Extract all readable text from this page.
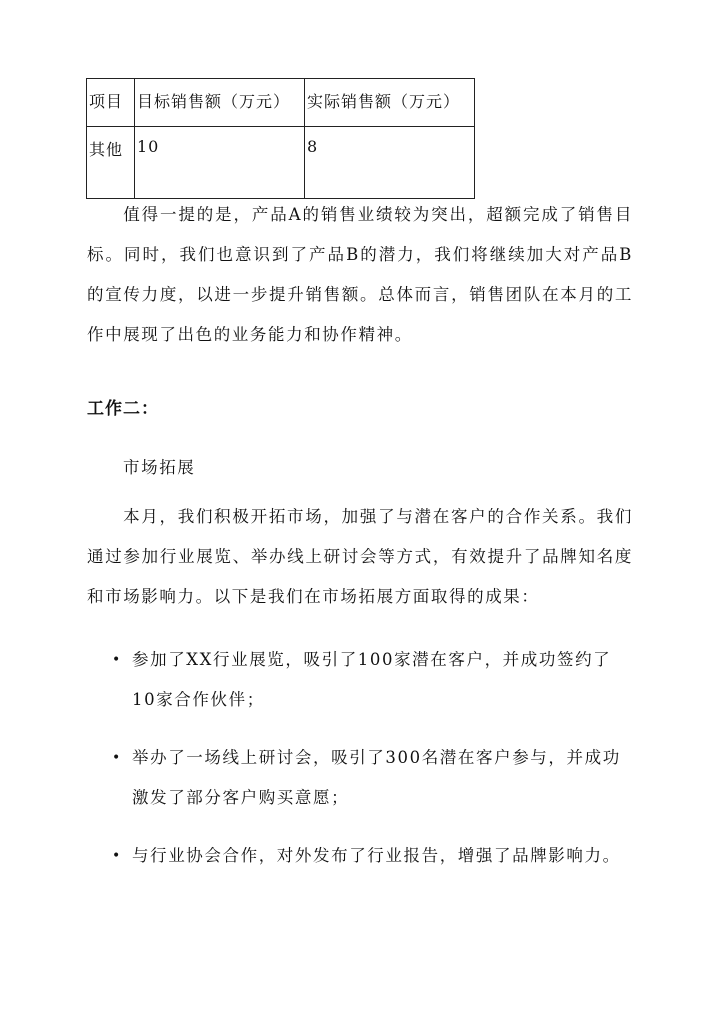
项目	目标销售额（万元）	实际销售额（万元）
其他	10	8

值得一提的是，产品A的销售业绩较为突出，超额完成了销售目标。同时，我们也意识到了产品B的潜力，我们将继续加大对产品B的宣传力度，以进一步提升销售额。总体而言，销售团队在本月的工作中展现了出色的业务能力和协作精神。

工作二：

市场拓展

本月，我们积极开拓市场，加强了与潜在客户的合作关系。我们通过参加行业展览、举办线上研讨会等方式，有效提升了品牌知名度和市场影响力。以下是我们在市场拓展方面取得的成果：

• 参加了XX行业展览，吸引了100家潜在客户，并成功签约了10家合作伙伴；
• 举办了一场线上研讨会，吸引了300名潜在客户参与，并成功激发了部分客户购买意愿；
• 与行业协会合作，对外发布了行业报告，增强了品牌影响力。
